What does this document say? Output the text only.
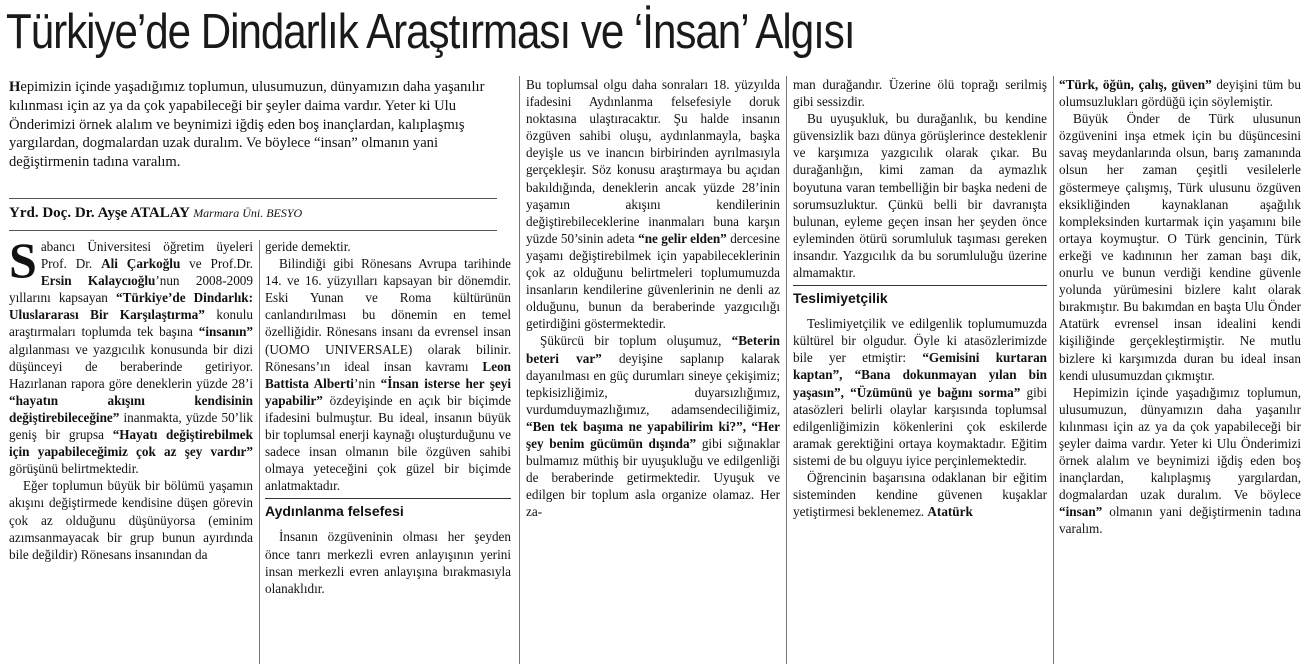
Türkiye’de Dindarlık Araştırması ve ‘İnsan’ Algısı
Hepimizin içinde yaşadığımız toplumun, ulusumuzun, dünyamızın daha yaşanılır kılınması için az ya da çok yapabileceği bir şeyler daima vardır. Yeter ki Ulu Önderimizi örnek alalım ve beynimizi iğdiş eden boş inançlardan, kalıplaşmış yargılardan, dogmalardan uzak duralım. Ve böylece “insan” olmanın yani değiştirmenin tadına varalım.
Yrd. Doç. Dr. Ayşe ATALAY Marmara Üni. BESYO

Sabancı Üniversitesi öğretim üyeleri Prof. Dr. Ali Çarkoğlu ve Prof.Dr. Ersin Kalaycıoğlu’nun 2008-2009 yıllarını kapsayan “Türkiye’de Dindarlık: Uluslararası Bir Karşılaştırma” konulu araştırmaları toplumda tek başına “insanın” algılanması ve yazgıcılık konusunda bir dizi düşünceyi de beraberinde getiriyor. Hazırlanan rapora göre deneklerin yüzde 28’i “hayatın akışını kendisinin değiştirebileceğine” inanmakta, yüzde 50’lik geniş bir grupsa “Hayatı değiştirebilmek için yapabileceğimiz çok az şey vardır” görüşünü belirtmektedir.

Eğer toplumun büyük bir bölümü yaşamın akışını değiştirmede kendisine düşen görevin çok az olduğunu düşünüyorsa (eminim azımsanmayacak bir grup bunun ayırdında bile değildir) Rönesans insanından da

geride demektir.

Bilindiği gibi Rönesans Avrupa tarihinde 14. ve 16. yüzyılları kapsayan bir dönemdir. Eski Yunan ve Roma kültürünün canlandırılması bu dönemin en temel özelliğidir. Rönesans insanı da evrensel insan (UOMO UNIVERSALE) olarak bilinir. Rönesans’ın ideal insan kavramı Leon Battista Alberti’nin “İnsan isterse her şeyi yapabilir” özdeyişinde en açık bir biçimde ifadesini bulmuştur. Bu ideal, insanın büyük bir toplumsal enerji kaynağı oluşturduğunu ve sadece insan olmanın bile özgüven sahibi olmaya yeteceğini çok güzel bir biçimde anlatmaktadır.

Aydınlanma felsefesi

İnsanın özgüveninin olması her şeyden önce tanrı merkezli evren anlayışının yerini insan merkezli evren anlayışına bırakmasıyla olanaklıdır.

Bu toplumsal olgu daha sonraları 18. yüzyılda ifadesini Aydınlanma felsefesiyle doruk noktasına ulaştıracaktır. Şu halde insanın özgüven sahibi oluşu, aydınlanmayla, başka deyişle us ve inancın birbirinden ayrılmasıyla gerçekleşir. Söz konusu araştırmaya bu açıdan bakıldığında, deneklerin ancak yüzde 28’inin yaşamın akışını kendilerinin değiştirebileceklerine inanmaları buna karşın yüzde 50’sinin adeta “ne gelir elden” dercesine yaşamı değiştirebilmek için yapabileceklerinin çok az olduğunu belirtmeleri toplumumuzda insanların kendilerine güvenlerinin ne denli az olduğunu, bunun da beraberinde yazgıcılığı getirdiğini göstermektedir.

Şükürcü bir toplum oluşumuz, “Beterin beteri var” deyişine saplanıp kalarak dayanılması en güç durumları sineye çekişimiz; tepkisizliğimiz, duyarsızlığımız, vurdumduymazlığımız, adamsendeciliğimiz, “Ben tek başıma ne yapabilirim ki?”, “Her şey benim gücümün dışında” gibi sığınaklar bulmamız müthiş bir uyuşukluğu ve edilgenliği de beraberinde getirmektedir. Uyuşuk ve edilgen bir toplum asla organize olamaz. Her za-

man durağandır. Üzerine ölü toprağı serilmiş gibi sessizdir.

Bu uyuşukluk, bu durağanlık, bu kendine güvensizlik bazı dünya görüşlerince desteklenir ve karşımıza yazgıcılık olarak çıkar. Bu durağanlığın, kimi zaman da aymazlık boyutuna varan tembelliğin bir başka nedeni de sorumsuzluktur. Çünkü belli bir davranışta bulunan, eyleme geçen insan her şeyden önce eyleminden ötürü sorumluluk taşıması gereken insandır. Yazgıcılık da bu sorumluluğu üzerine almamaktır.

Teslimiyetçilik

Teslimiyetçilik ve edilgenlik toplumumuzda kültürel bir olgudur. Öyle ki atasözlerimizde bile yer etmiştir: “Gemisini kurtaran kaptan”, “Bana dokunmayan yılan bin yaşasın”, “Üzümünü ye bağını sorma” gibi atasözleri belirli olaylar karşısında toplumsal edilgenliğimizin kökenlerini çok eskilerde aramak gerektiğini ortaya koymaktadır. Eğitim sistemi de bu olguyu iyice perçinlemektedir.

Öğrencinin başarısına odaklanan bir eğitim sisteminden kendine güvenen kuşaklar yetiştirmesi beklenemez. Atatürk

“Türk, öğün, çalış, güven” deyişini tüm bu olumsuzlukları gördüğü için söylemiştir.

Büyük Önder de Türk ulusunun özgüvenini inşa etmek için bu düşüncesini savaş meydanlarında olsun, barış zamanında olsun her zaman çeşitli vesilelerle göstermeye çalışmış, Türk ulusunu özgüven eksikliğinden kaynaklanan aşağılık kompleksinden kurtarmak için yaşamını bile ortaya koymuştur. O Türk gencinin, Türk erkeği ve kadınının her zaman başı dik, onurlu ve bunun verdiği kendine güvenle yolunda yürümesini bizlere kalıt olarak bırakmıştır. Bu bakımdan en başta Ulu Önder Atatürk evrensel insan idealini kendi kişiliğinde gerçekleştirmiştir. Ne mutlu bizlere ki karşımızda duran bu ideal insan kendi ulusumuzdan çıkmıştır.

Hepimizin içinde yaşadığımız toplumun, ulusumuzun, dünyamızın daha yaşanılır kılınması için az ya da çok yapabileceği bir şeyler daima vardır. Yeter ki Ulu Önderimizi örnek alalım ve beynimizi iğdiş eden boş inançlardan, kalıplaşmış yargılardan, dogmalardan uzak duralım. Ve böylece “insan” olmanın yani değiştirmenin tadına varalım.
